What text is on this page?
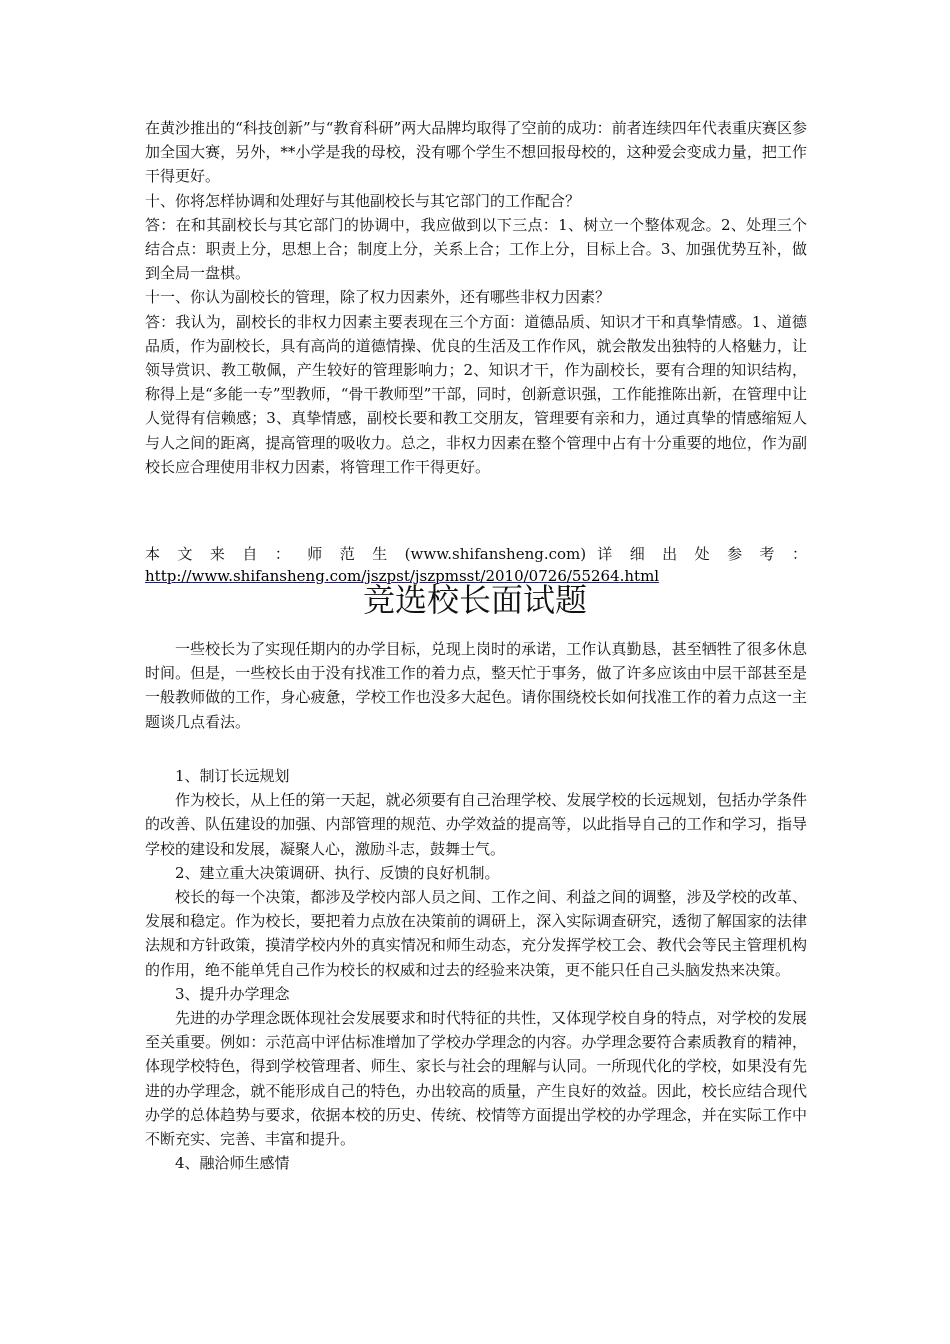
在黄沙推出的“科技创新”与“教育科研”两大品牌均取得了空前的成功：前者连续四年代表重庆赛区参加全国大赛，另外，**小学是我的母校，没有哪个学生不想回报母校的，这种爱会变成力量，把工作干得更好。

十、你将怎样协调和处理好与其他副校长与其它部门的工作配合？

答：在和其副校长与其它部门的协调中，我应做到以下三点：1、树立一个整体观念。2、处理三个结合点：职责上分，思想上合；制度上分，关系上合；工作上分，目标上合。3、加强优势互补，做到全局一盘棋。

十一、你认为副校长的管理，除了权力因素外，还有哪些非权力因素？

答：我认为，副校长的非权力因素主要表现在三个方面：道德品质、知识才干和真挚情感。1、道德品质，作为副校长，具有高尚的道德情操、优良的生活及工作作风，就会散发出独特的人格魅力，让领导赏识、教工敬佩，产生较好的管理影响力；2、知识才干，作为副校长，要有合理的知识结构，称得上是“多能一专”型教师，“骨干教师型”干部，同时，创新意识强，工作能推陈出新，在管理中让人觉得有信赖感；3、真挚情感，副校长要和教工交朋友，管理要有亲和力，通过真挚的情感缩短人与人之间的距离，提高管理的吸收力。总之，非权力因素在整个管理中占有十分重要的地位，作为副校长应合理使用非权力因素，将管理工作干得更好。

本 文 来 自 ： 师 范 生 (www.shifansheng.com) 详 细 出 处 参 考 ：
http://www.shifansheng.com/jszpst/jszpmsst/2010/0726/55264.html
竞选校长面试题

一些校长为了实现任期内的办学目标，兑现上岗时的承诺，工作认真勤恳，甚至牺牲了很多休息时间。但是，一些校长由于没有找准工作的着力点，整天忙于事务，做了许多应该由中层干部甚至是一般教师做的工作，身心疲惫，学校工作也没多大起色。请你围绕校长如何找准工作的着力点这一主题谈几点看法。

1、制订长远规划

作为校长，从上任的第一天起，就必须要有自己治理学校、发展学校的长远规划，包括办学条件的改善、队伍建设的加强、内部管理的规范、办学效益的提高等，以此指导自己的工作和学习，指导学校的建设和发展，凝聚人心，激励斗志，鼓舞士气。

2、建立重大决策调研、执行、反馈的良好机制。

校长的每一个决策，都涉及学校内部人员之间、工作之间、利益之间的调整，涉及学校的改革、发展和稳定。作为校长，要把着力点放在决策前的调研上，深入实际调查研究，透彻了解国家的法律法规和方针政策，摸清学校内外的真实情况和师生动态，充分发挥学校工会、教代会等民主管理机构的作用，绝不能单凭自己作为校长的权威和过去的经验来决策，更不能只任自己头脑发热来决策。

3、提升办学理念

先进的办学理念既体现社会发展要求和时代特征的共性，又体现学校自身的特点，对学校的发展至关重要。例如：示范高中评估标准增加了学校办学理念的内容。办学理念要符合素质教育的精神，体现学校特色，得到学校管理者、师生、家长与社会的理解与认同。一所现代化的学校，如果没有先进的办学理念，就不能形成自己的特色，办出较高的质量，产生良好的效益。因此，校长应结合现代办学的总体趋势与要求，依据本校的历史、传统、校情等方面提出学校的办学理念，并在实际工作中不断充实、完善、丰富和提升。

4、融洽师生感情
